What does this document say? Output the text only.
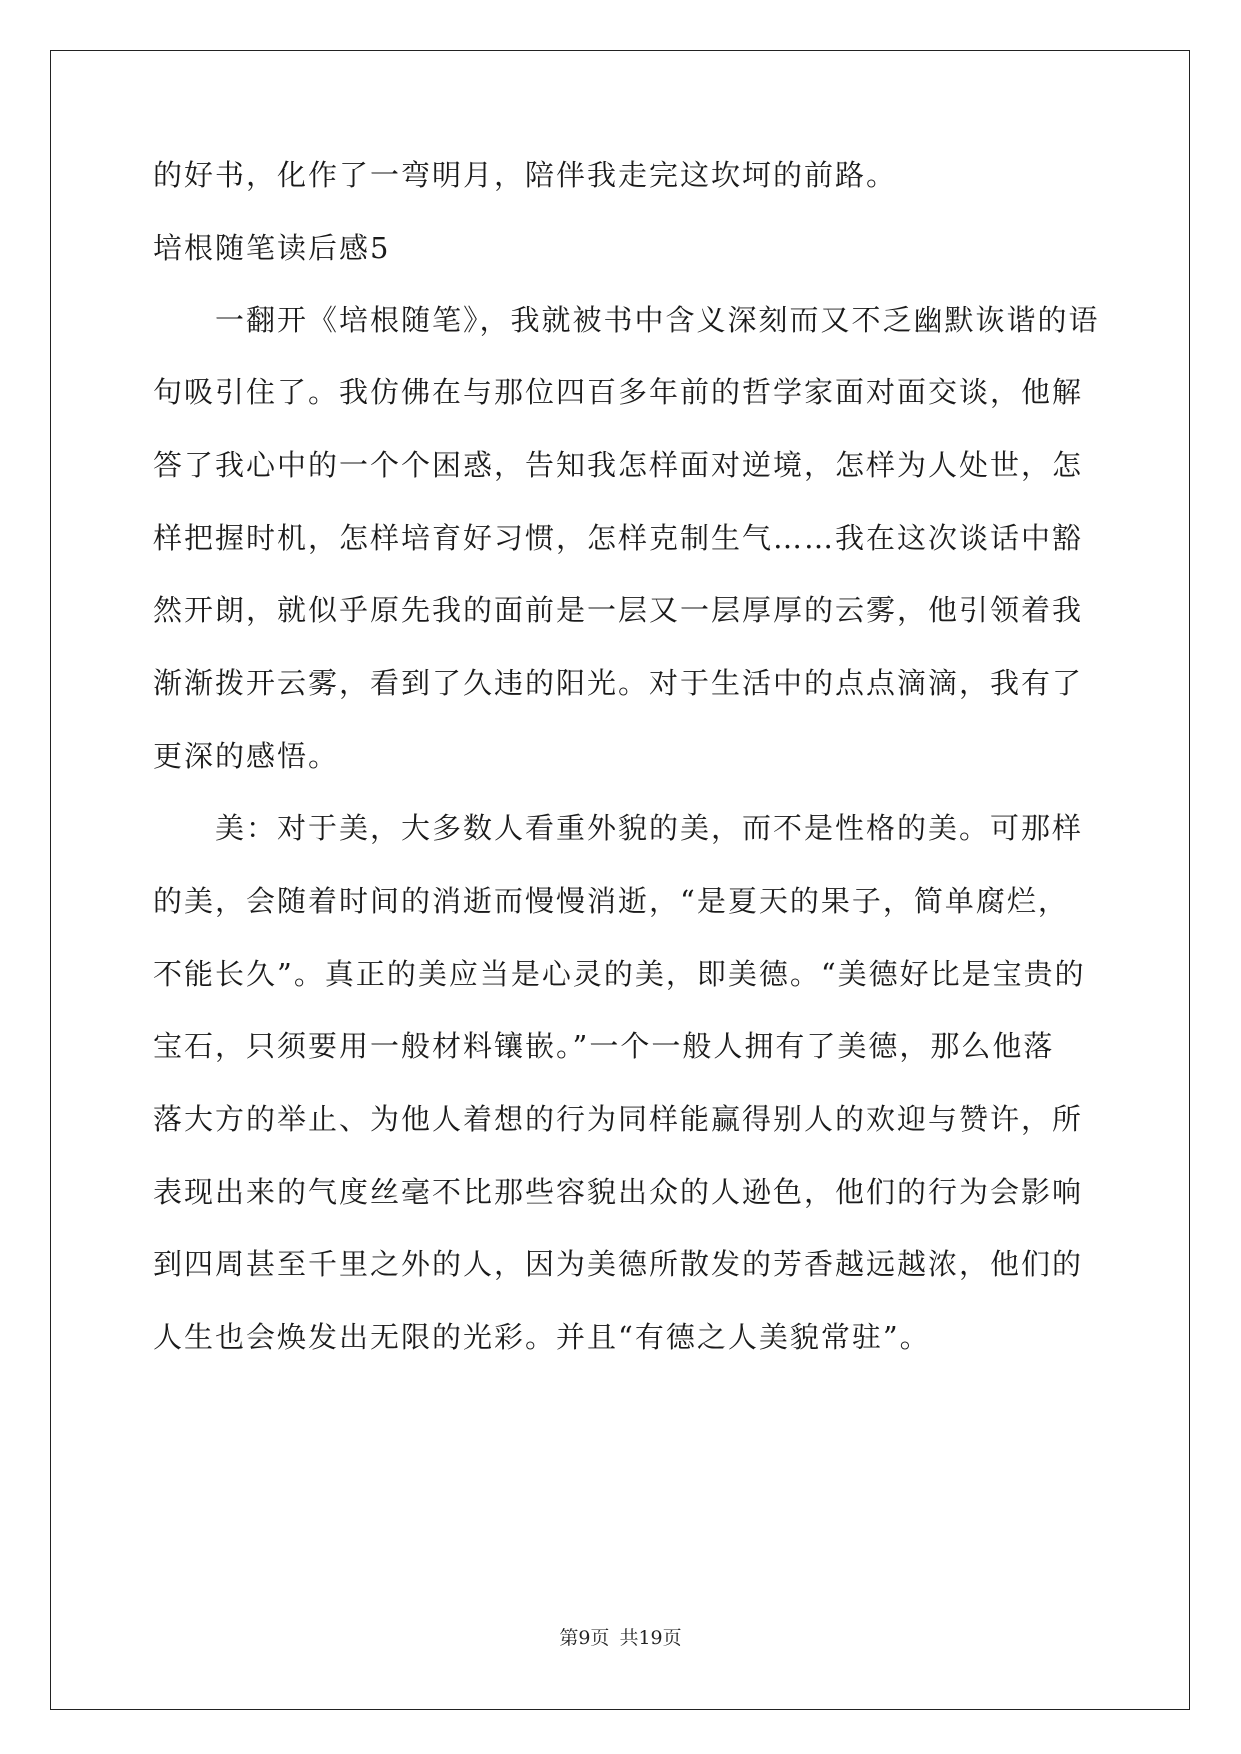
的好书，化作了一弯明月，陪伴我走完这坎坷的前路。
培根随笔读后感5
　　一翻开《培根随笔》，我就被书中含义深刻而又不乏幽默诙谐的语
句吸引住了。我仿佛在与那位四百多年前的哲学家面对面交谈，他解
答了我心中的一个个困惑，告知我怎样面对逆境，怎样为人处世，怎
样把握时机，怎样培育好习惯，怎样克制生气……我在这次谈话中豁
然开朗，就似乎原先我的面前是一层又一层厚厚的云雾，他引领着我
渐渐拨开云雾，看到了久违的阳光。对于生活中的点点滴滴，我有了
更深的感悟。
　　美：对于美，大多数人看重外貌的美，而不是性格的美。可那样
的美，会随着时间的消逝而慢慢消逝，“是夏天的果子，简单腐烂，
不能长久”。真正的美应当是心灵的美，即美德。“美德好比是宝贵的
宝石，只须要用一般材料镶嵌。”一个一般人拥有了美德，那么他落
落大方的举止、为他人着想的行为同样能赢得别人的欢迎与赞许，所
表现出来的气度丝毫不比那些容貌出众的人逊色，他们的行为会影响
到四周甚至千里之外的人，因为美德所散发的芳香越远越浓，他们的
人生也会焕发出无限的光彩。并且“有德之人美貌常驻”。
第9页 共19页
